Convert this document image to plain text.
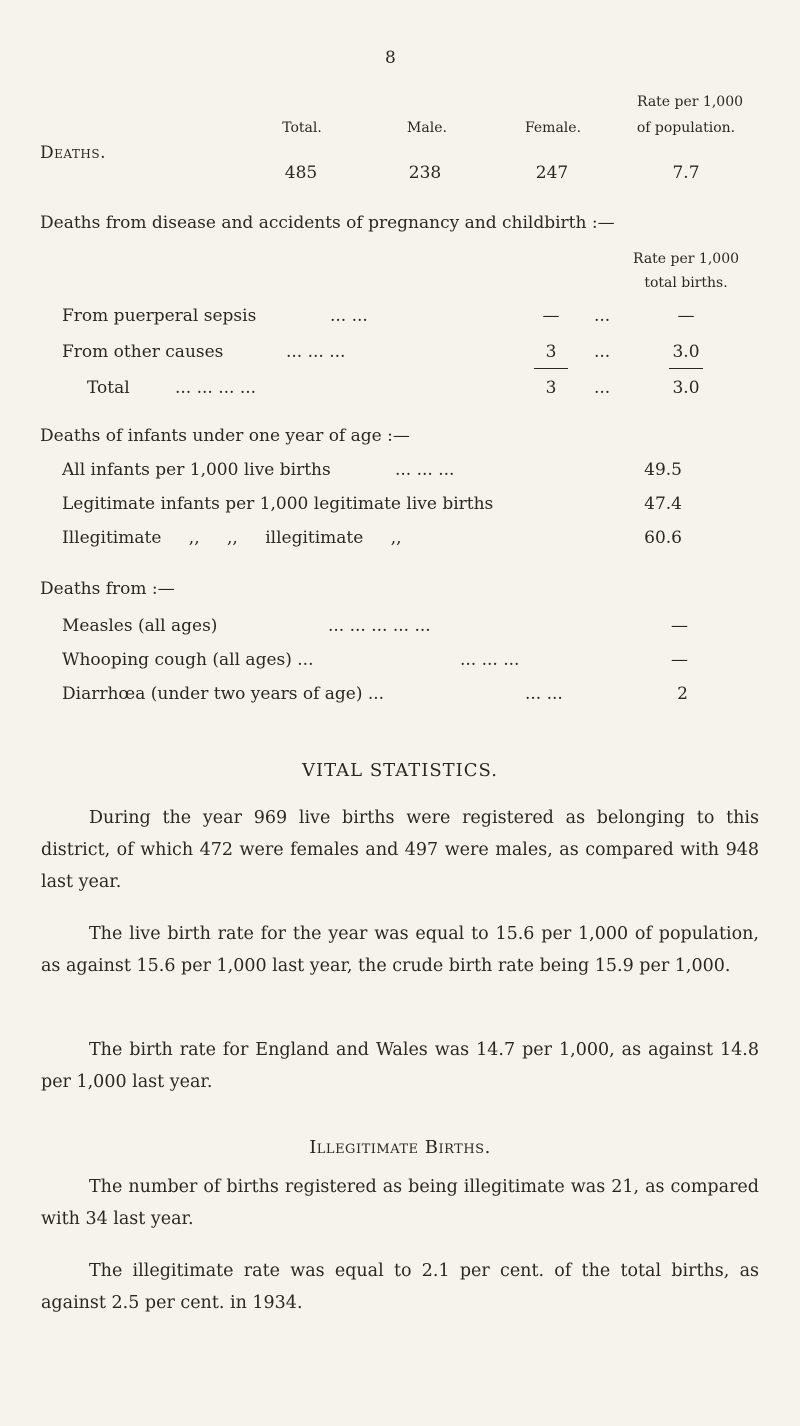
8
Rate per 1,000
Total.	Male.	Female.	of population.
Deaths.
485	238	247	7.7
Deaths from disease and accidents of pregnancy and childbirth :—
Rate per 1,000
total births.
From puerperal sepsis	... ...	—	...	—
From other causes	... ... ...	3	...	3.0
Total	... ... ... ...	3	...	3.0
Deaths of infants under one year of age :—
All infants per 1,000 live births	... ... ...	49.5
Legitimate infants per 1,000 legitimate live births	47.4
Illegitimate ,, ,, illegitimate ,,	60.6
Deaths from :—
Measles (all ages)	... ... ... ... ...	—
Whooping cough (all ages) ...	... ... ...	—
Diarrhœa (under two years of age) ...	... ...	2
VITAL STATISTICS.
During the year 969 live births were registered as belonging to this district, of which 472 were females and 497 were males, as compared with 948 last year.
The live birth rate for the year was equal to 15.6 per 1,000 of population, as against 15.6 per 1,000 last year, the crude birth rate being 15.9 per 1,000.
The birth rate for England and Wales was 14.7 per 1,000, as against 14.8 per 1,000 last year.
Illegitimate Births.
The number of births registered as being illegitimate was 21, as compared with 34 last year.
The illegitimate rate was equal to 2.1 per cent. of the total births, as against 2.5 per cent. in 1934.
